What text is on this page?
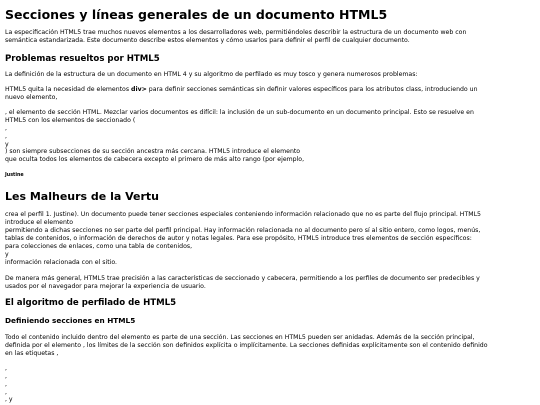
Secciones y líneas generales de un documento HTML5

La especificación HTML5 trae muchos nuevos elementos a los desarrolladores web, permitiéndoles describir la estructura de un documento web con

semántica estandarizada. Este documento describe estos elementos y cómo usarlos para definir el perfil de cualquier documento.

Problemas resueltos por HTML5

La definición de la estructura de un documento en HTML 4 y su algoritmo de perfilado es muy tosco y genera numerosos problemas:

HTML5 quita la necesidad de elementos div> para definir secciones semánticas sin definir valores específicos para los atributos class, introduciendo un

nuevo elemento,

, el elemento de sección HTML. Mezclar varios documentos es difícil: la inclusión de un sub-documento en un documento principal. Esto se resuelve en

HTML5 con los elementos de seccionado (

,

,

y

) son siempre subsecciones de su sección ancestra más cercana. HTML5 introduce el elemento

que oculta todos los elementos de cabecera excepto el primero de más alto rango (por ejemplo,

Justine
Les Malheurs de la Vertu

crea el perfil 1. Justine). Un documento puede tener secciones especiales conteniendo información relacionado que no es parte del flujo principal. HTML5

introduce el elemento

permitiendo a dichas secciones no ser parte del perfil principal. Hay información relacionada no al documento pero sí al sitio entero, como logos, menús,

tablas de contenidos, o información de derechos de autor y notas legales. Para ese propósito, HTML5 introduce tres elementos de sección específicos:

para colecciones de enlaces, como una tabla de contenidos,

y

información relacionada con el sitio.

De manera más general, HTML5 trae precisión a las características de seccionado y cabecera, permitiendo a los perfiles de documento ser predecibles y

usados por el navegador para mejorar la experiencia de usuario.

El algoritmo de perfilado de HTML5
Definiendo secciones en HTML5

Todo el contenido incluido dentro del elemento es parte de una sección. Las secciones en HTML5 pueden ser anidadas. Además de la sección principal,

definida por el elemento , los límites de la sección son definidos explícita o implícitamente. La secciones definidas explícitamente son el contenido definido

en las etiquetas ,

,

,

,

,

, y
